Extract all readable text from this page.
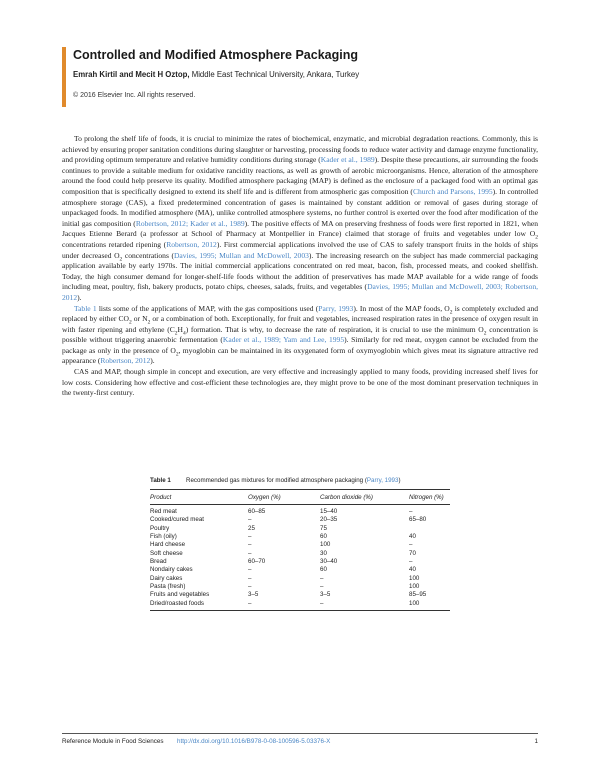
Controlled and Modified Atmosphere Packaging
Emrah Kirtil and Mecit H Oztop, Middle East Technical University, Ankara, Turkey
© 2016 Elsevier Inc. All rights reserved.

To prolong the shelf life of foods, it is crucial to minimize the rates of biochemical, enzymatic, and microbial degradation reactions. Commonly, this is achieved by ensuring proper sanitation conditions during slaughter or harvesting, processing foods to reduce water activity and damage enzyme functionality, and providing optimum temperature and relative humidity conditions during storage (Kader et al., 1989). Despite these precautions, air surrounding the foods continues to provide a suitable medium for oxidative rancidity reactions, as well as growth of aerobic microorganisms. Hence, alteration of the atmosphere around the food could help preserve its quality. Modified atmosphere packaging (MAP) is defined as the enclosure of a packaged food with an optimal gas composition that is specifically designed to extend its shelf life and is different from atmospheric gas composition (Church and Parsons, 1995). In controlled atmosphere storage (CAS), a fixed predetermined concentration of gases is maintained by constant addition or removal of gases during storage of unpackaged foods. In modified atmosphere (MA), unlike controlled atmosphere systems, no further control is exerted over the food after modification of the initial gas composition (Robertson, 2012; Kader et al., 1989). The positive effects of MA on preserving freshness of foods were first reported in 1821, when Jacques Etienne Berard (a professor at School of Pharmacy at Montpellier in France) claimed that storage of fruits and vegetables under low $O_2$ concentrations retarded ripening (Robertson, 2012). First commercial applications involved the use of CAS to safely transport fruits in the holds of ships under decreased $O_2$ concentrations (Davies, 1995; Mullan and McDowell, 2003). The increasing research on the subject has made commercial packaging application available by early 1970s. The initial commercial applications concentrated on red meat, bacon, fish, processed meats, and cooked shellfish. Today, the high consumer demand for longer-shelf-life foods without the addition of preservatives has made MAP available for a wide range of foods including meat, poultry, fish, bakery products, potato chips, cheeses, salads, fruits, and vegetables (Davies, 1995; Mullan and McDowell, 2003; Robertson, 2012).

Table 1 lists some of the applications of MAP, with the gas compositions used (Parry, 1993). In most of the MAP foods, $O_2$ is completely excluded and replaced by either $CO_2$ or $N_2$ or a combination of both. Exceptionally, for fruit and vegetables, increased respiration rates in the presence of oxygen result in with faster ripening and ethylene $(C_2H_4)$ formation. That is why, to decrease the rate of respiration, it is crucial to use the minimum $O_2$ concentration is possible without triggering anaerobic fermentation (Kader et al., 1989; Yam and Lee, 1995). Similarly for red meat, oxygen cannot be excluded from the package as only in the presence of $O_2$, myoglobin can be maintained in its oxygenated form of oxymyoglobin which gives meat its signature attractive red appearance (Robertson, 2012).

CAS and MAP, though simple in concept and execution, are very effective and increasingly applied to many foods, providing increased shelf lives for low costs. Considering how effective and cost-efficient these technologies are, they might prove to be one of the most dominant preservation techniques in the twenty-first century.

Table 1 Recommended gas mixtures for modified atmosphere packaging (Parry, 1993)
Product	Oxygen (%)	Carbon dioxide (%)	Nitrogen (%)
Red meat	60–85	15–40	–
Cooked/cured meat	–	20–35	65–80
Poultry	25	75
Fish (oily)	–	60	40
Hard cheese	–	100	–
Soft cheese	–	30	70
Bread	60–70	30–40	–
Nondairy cakes	–	60	40
Dairy cakes	–	–	100
Pasta (fresh)	–	–	100
Fruits and vegetables	3–5	3–5	85–95
Dried/roasted foods	–	–	100
Reference Module in Food Sciences http://dx.doi.org/10.1016/B978-0-08-100596-5.03376-X	1
